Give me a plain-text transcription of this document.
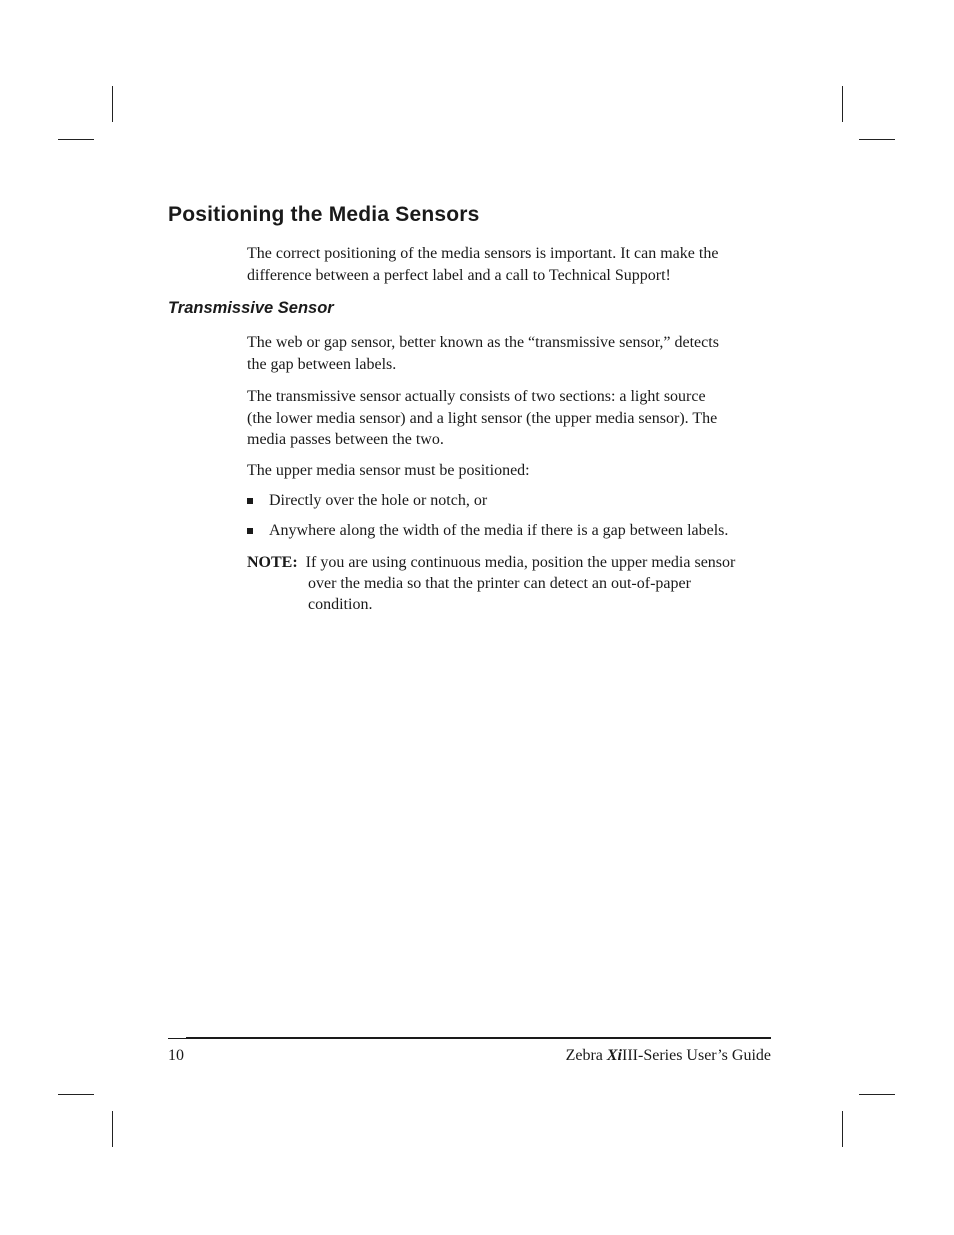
Positioning the Media Sensors

The correct positioning of the media sensors is important. It can make the
difference between a perfect label and a call to Technical Support!

Transmissive Sensor

The web or gap sensor, better known as the “transmissive sensor,” detects
the gap between labels.

The transmissive sensor actually consists of two sections: a light source
(the lower media sensor) and a light sensor (the upper media sensor). The
media passes between the two.

The upper media sensor must be positioned:

Directly over the hole or notch, or
Anywhere along the width of the media if there is a gap between labels.
NOTE: If you are using continuous media, position the upper media sensor
over the media so that the printer can detect an out-of-paper
condition.
10	Zebra XiIII-Series User’s Guide
